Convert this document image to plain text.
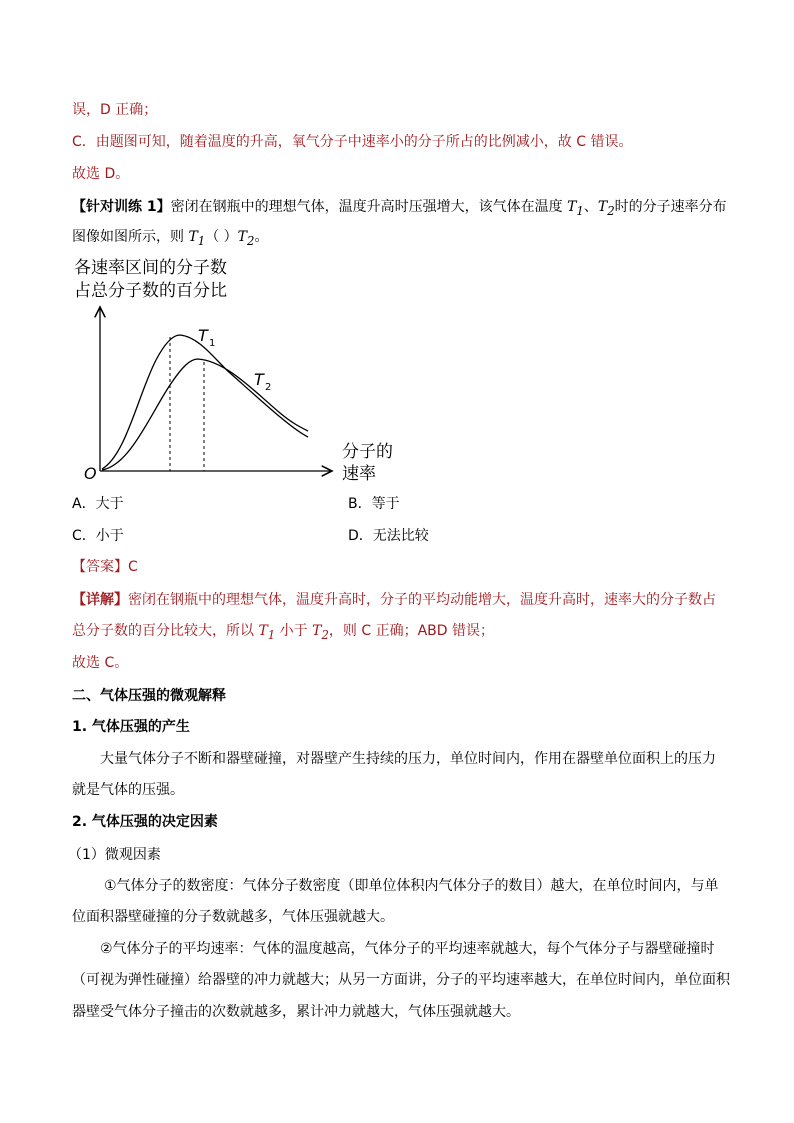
误，D 正确；
C．由题图可知，随着温度的升高，氧气分子中速率小的分子所占的比例减小，故 C 错误。
故选 D。
【针对训练 1】密闭在钢瓶中的理想气体，温度升高时压强增大，该气体在温度 $T_1$、$T_2$时的分子速率分布
图像如图所示，则 $T_1$（ ）$T_2$。
各速率区间的分子数
占总分子数的百分比
O
分子的
速率
T 1
T 2
A．大于	B．等于
C．小于	D．无法比较
【答案】C
【详解】密闭在钢瓶中的理想气体，温度升高时，分子的平均动能增大，温度升高时，速率大的分子数占
总分子数的百分比较大，所以 $T_1$ 小于 $T_2$，则 C 正确；ABD 错误；
故选 C。
二、气体压强的微观解释
1. 气体压强的产生
大量气体分子不断和器壁碰撞，对器壁产生持续的压力，单位时间内，作用在器壁单位面积上的压力
就是气体的压强。
2. 气体压强的决定因素
（1）微观因素
①气体分子的数密度：气体分子数密度（即单位体积内气体分子的数目）越大，在单位时间内，与单
位面积器壁碰撞的分子数就越多，气体压强就越大。
②气体分子的平均速率：气体的温度越高，气体分子的平均速率就越大，每个气体分子与器壁碰撞时
（可视为弹性碰撞）给器壁的冲力就越大；从另一方面讲，分子的平均速率越大，在单位时间内，单位面积
器壁受气体分子撞击的次数就越多，累计冲力就越大，气体压强就越大。
